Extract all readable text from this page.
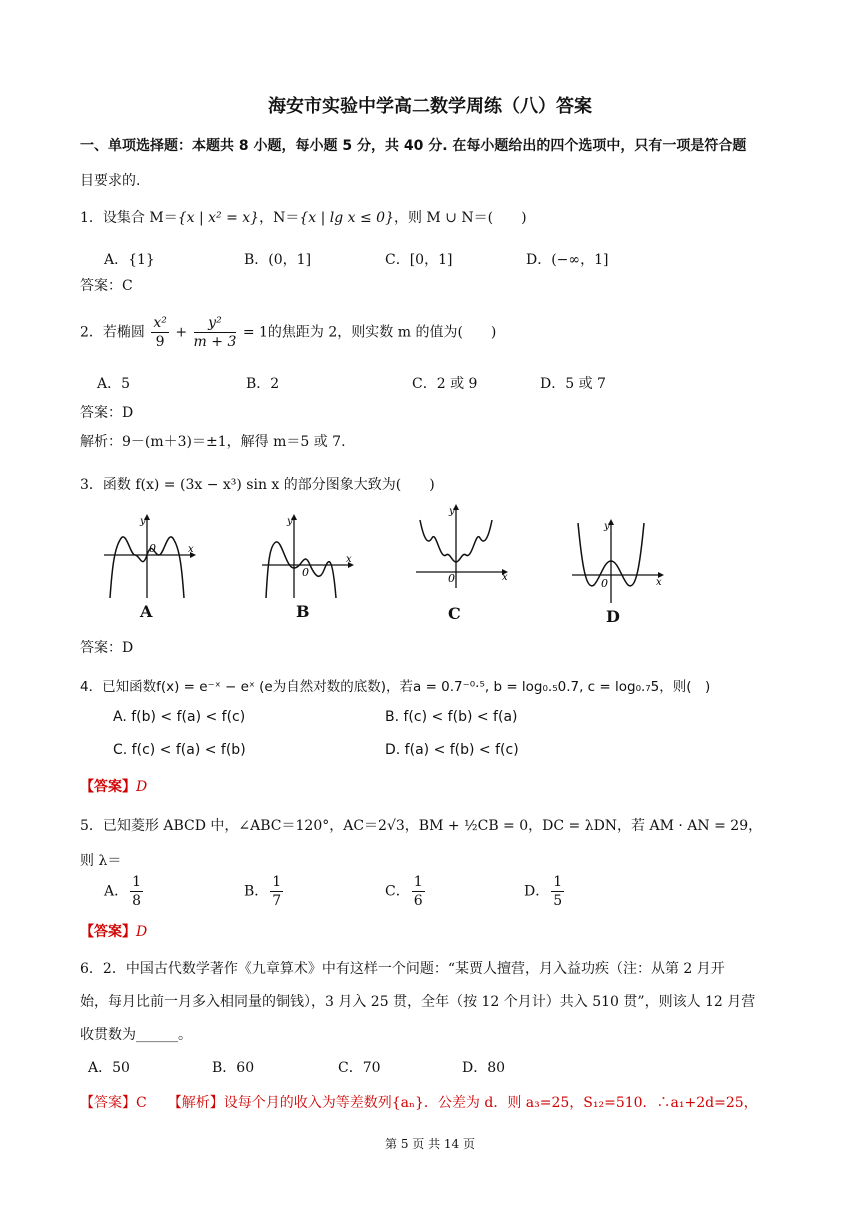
海安市实验中学高二数学周练（八）答案
一、单项选择题：本题共 8 小题，每小题 5 分，共 40 分. 在每小题给出的四个选项中，只有一项是符合题
目要求的.
1．设集合 M＝{x | x² = x}，N＝{x | lg x ≤ 0}，则 M ∪ N＝(　　)
A．{1}	B．(0，1]	C．[0，1]	D．(−∞，1]
答案：C
2．若椭圆 $\frac{\text{x²}}{9} + \frac{\text{y²}}{m + 3} = 1$的焦距为 2，则实数 m 的值为(　　)
A．5	B．2	C．2 或 9	D．5 或 7
答案：D
解析：9－(m＋3)＝±1，解得 m＝5 或 7.
3．函数 f(x) = (3x − x³) sin x 的部分图象大致为(　　)
y
x
0
A
y
x
0
B
y
x
0
C
y
x
0
D
答案：D
4．已知函数f(x) = e⁻ˣ − eˣ (e为自然对数的底数)，若a = 0.7⁻⁰·⁵, b = log₀.₅0.7, c = log₀.₇5，则(　)
A. f(b) < f(a) < f(c)	B. f(c) < f(b) < f(a)
C. f(c) < f(a) < f(b)	D. f(a) < f(b) < f(c)
【答案】D
5．已知菱形 ABCD 中，∠ABC＝120°，AC＝2√3，BM + ½CB = 0，DC = λDN，若 AM · AN = 29，
则 λ＝
A． $\frac{1}{8}$	B． $\frac{1}{7}$	C． $\frac{1}{6}$	D． $\frac{1}{5}$
【答案】D
6．2．中国古代数学著作《九章算术》中有这样一个问题：“某贾人擅营，月入益功疾（注：从第 2 月开
始，每月比前一月多入相同量的铜钱），3 月入 25 贯，全年（按 12 个月计）共入 510 贯”，则该人 12 月营
收贯数为______。
A．50	B．60	C．70	D．80
【答案】C　　【解析】设每个月的收入为等差数列{aₙ}．公差为 d．则 a₃=25，S₁₂=510．∴a₁+2d=25，
第 5 页 共 14 页
